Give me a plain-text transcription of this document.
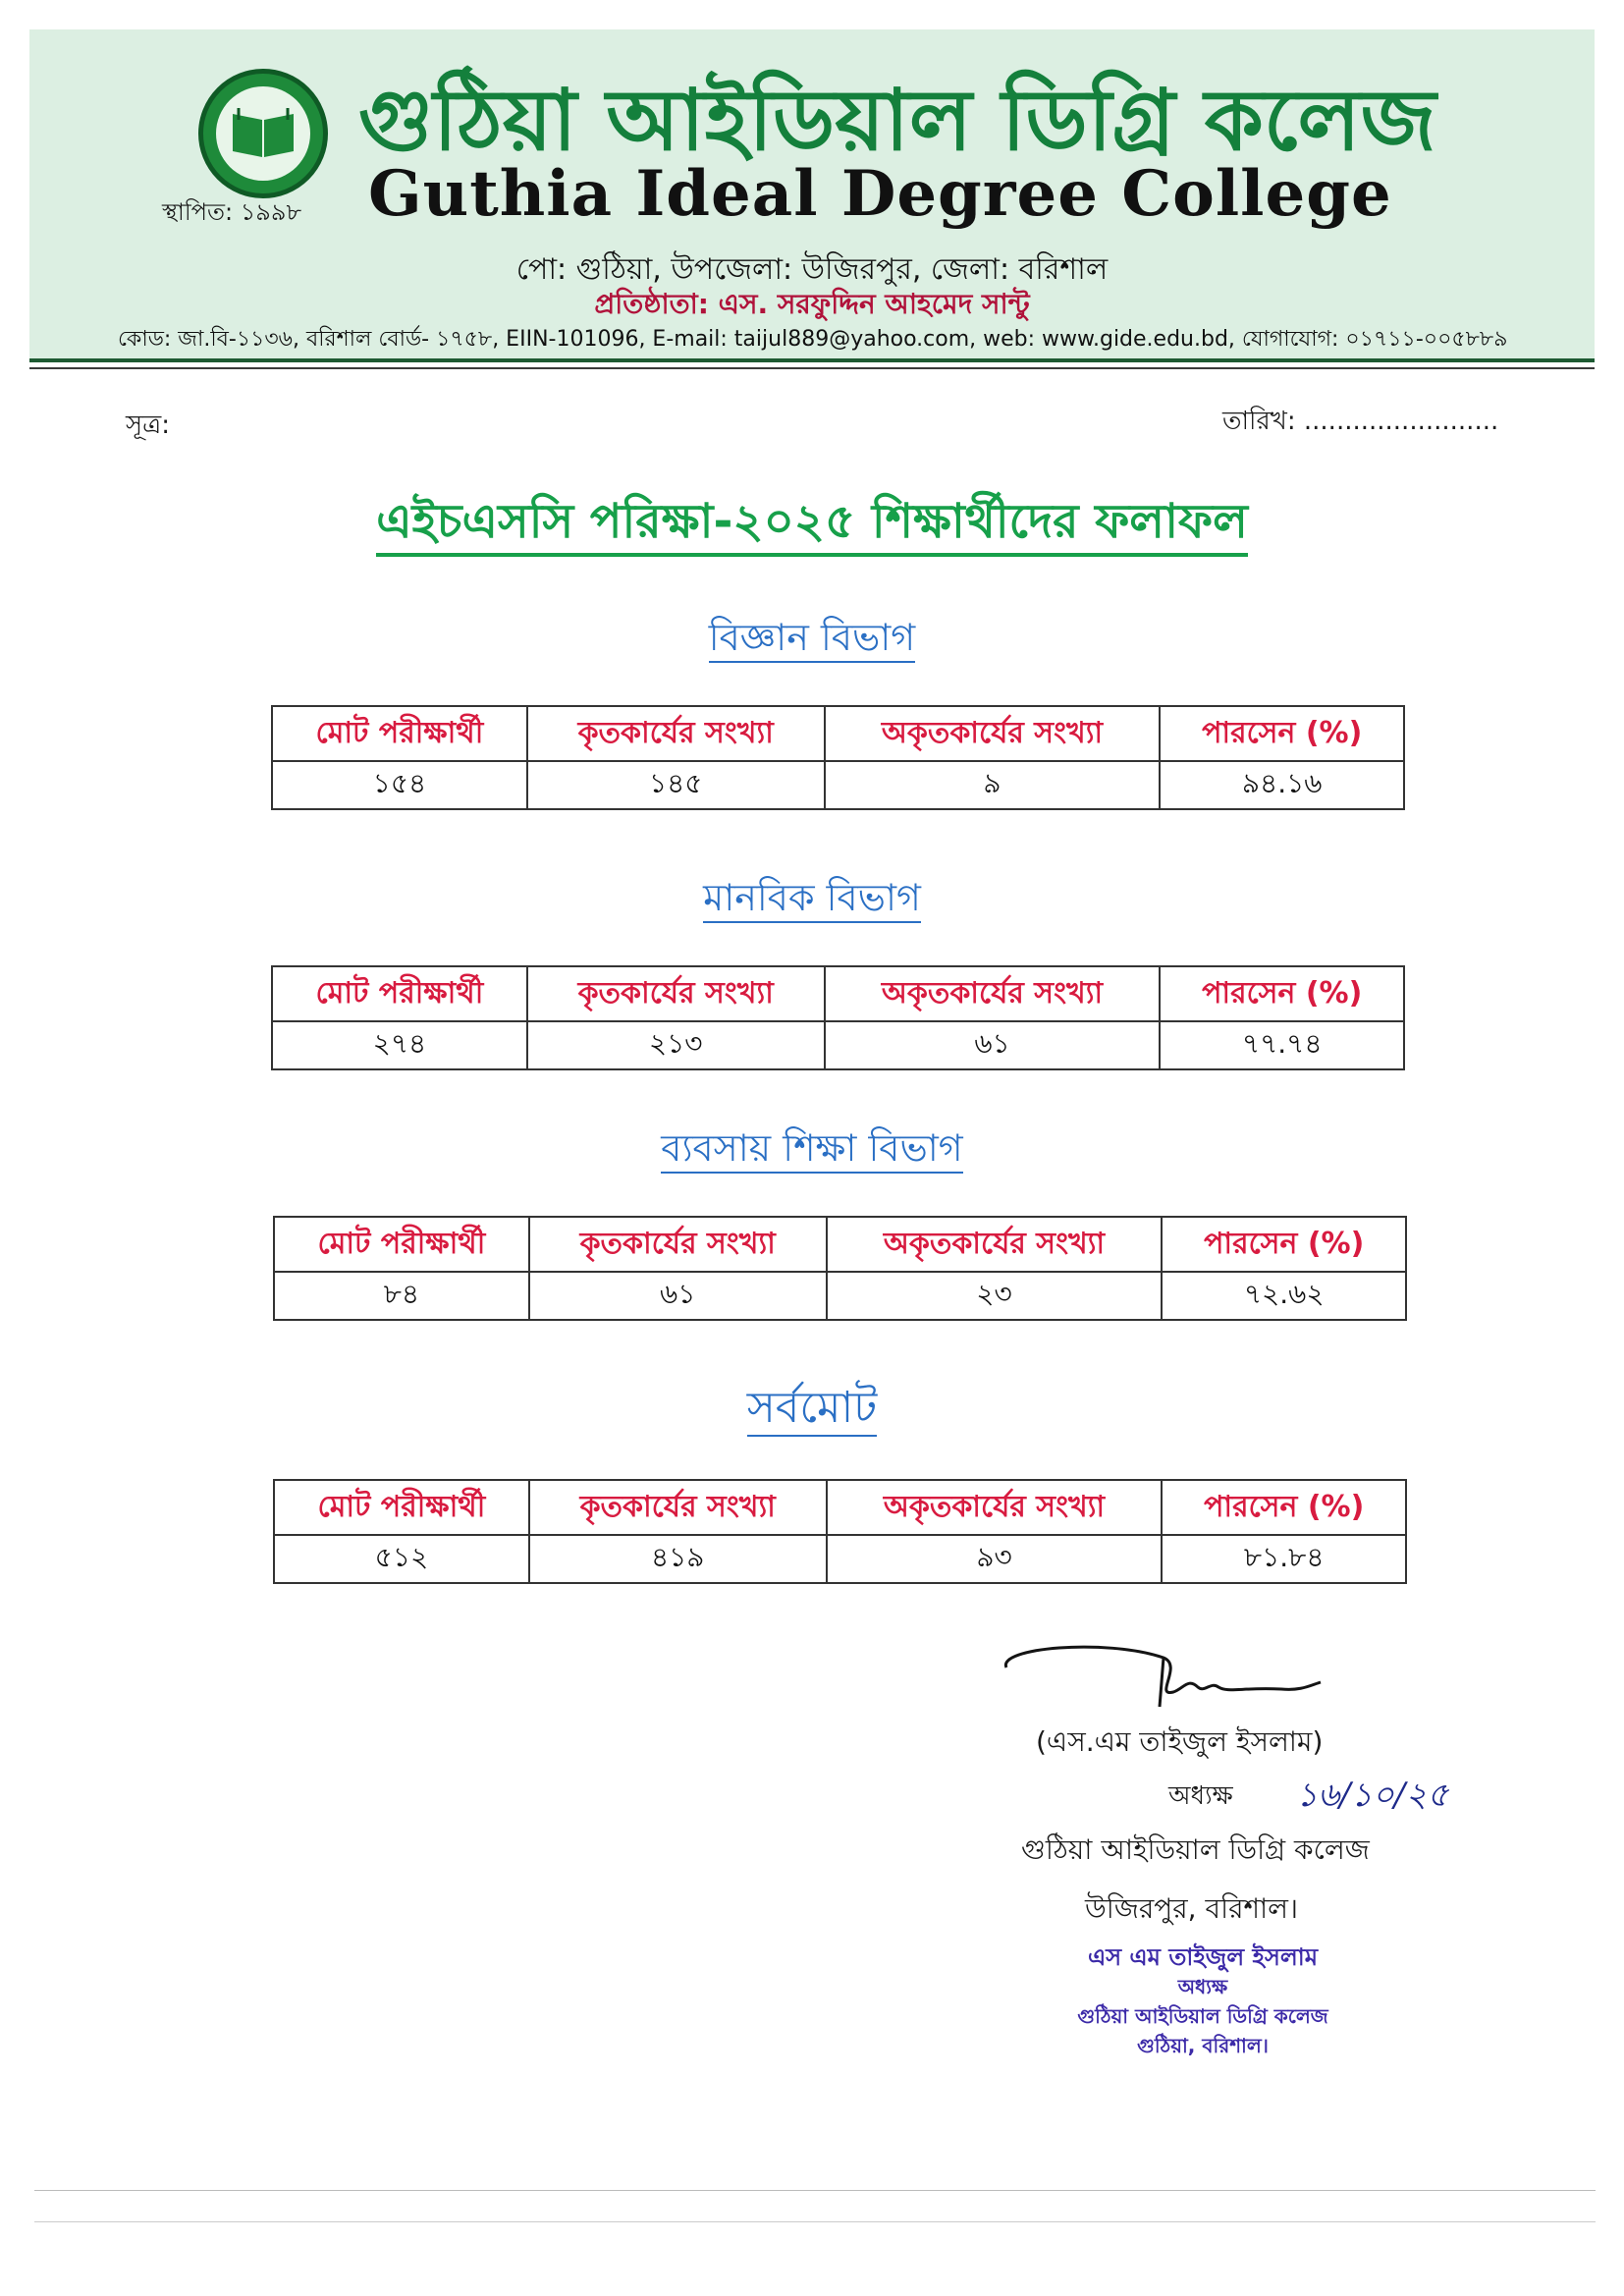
গুঠিয়া আইডিয়াল ডিগ্রি কলেজ
স্থাপিত: ১৯৯৮ Guthia Ideal Degree College
পো: গুঠিয়া, উপজেলা: উজিরপুর, জেলা: বরিশাল
প্রতিষ্ঠাতা: এস. সরফুদ্দিন আহমেদ সান্টু
কোড: জা.বি-১১৩৬, বরিশাল বোর্ড- ১৭৫৮, EIIN-101096, E-mail: taijul889@yahoo.com, web: www.gide.edu.bd, যোগাযোগ: ০১৭১১-০০৫৮৮৯
সূত্র:	তারিখ: ........................
এইচএসসি পরিক্ষা-২০২৫ শিক্ষার্থীদের ফলাফল
বিজ্ঞান বিভাগ
মোট পরীক্ষার্থী	কৃতকার্যের সংখ্যা	অকৃতকার্যের সংখ্যা	পারসেন (%)
১৫৪	১৪৫	৯	৯৪.১৬
মানবিক বিভাগ
মোট পরীক্ষার্থী	কৃতকার্যের সংখ্যা	অকৃতকার্যের সংখ্যা	পারসেন (%)
২৭৪	২১৩	৬১	৭৭.৭৪
ব্যবসায় শিক্ষা বিভাগ
মোট পরীক্ষার্থী	কৃতকার্যের সংখ্যা	অকৃতকার্যের সংখ্যা	পারসেন (%)
৮৪	৬১	২৩	৭২.৬২
সর্বমোট
মোট পরীক্ষার্থী	কৃতকার্যের সংখ্যা	অকৃতকার্যের সংখ্যা	পারসেন (%)
৫১২	৪১৯	৯৩	৮১.৮৪
(এস.এম তাইজুল ইসলাম)
অধ্যক্ষ ১৬/১০/২৫
গুঠিয়া আইডিয়াল ডিগ্রি কলেজ
উজিরপুর, বরিশাল।
এস এম তাইজুল ইসলাম
অধ্যক্ষ
গুঠিয়া আইডিয়াল ডিগ্রি কলেজ
গুঠিয়া, বরিশাল।
